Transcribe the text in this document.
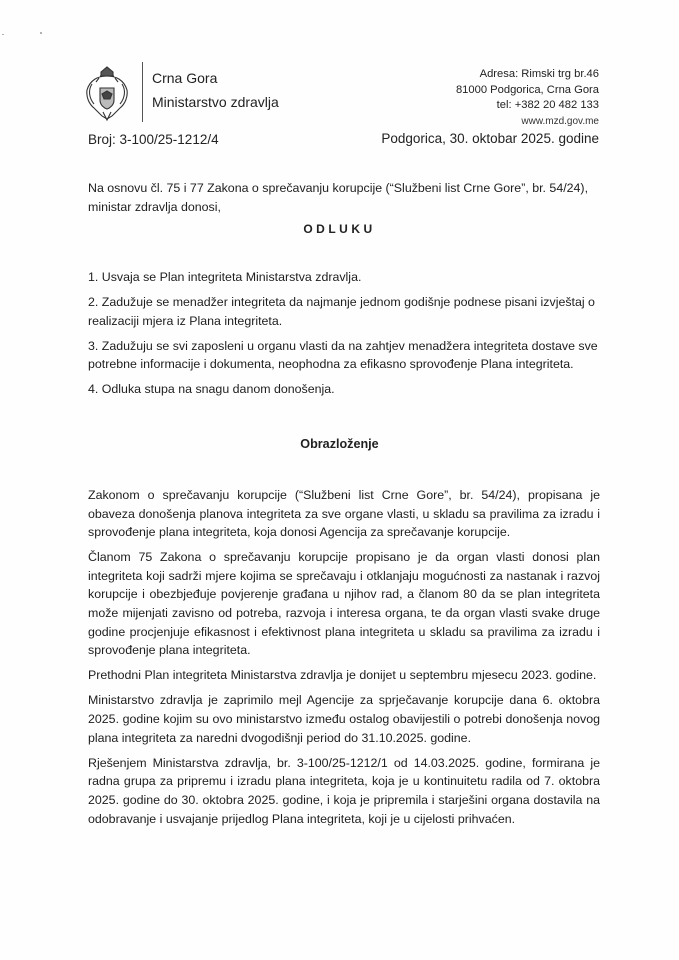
Crna Gora
Ministarstvo zdravlja
Broj: 3-100/25-1212/4
Adresa: Rimski trg br.46
81000 Podgorica, Crna Gora
tel: +382 20 482 133
www.mzd.gov.me
Podgorica, 30. oktobar 2025. godine
Na osnovu čl. 75 i 77 Zakona o sprečavanju korupcije (“Službeni list Crne Gore”, br. 54/24), ministar zdravlja donosi,
ODLUKU

1. Usvaja se Plan integriteta Ministarstva zdravlja.

2. Zadužuje se menadžer integriteta da najmanje jednom godišnje podnese pisani izvještaj o realizaciji mjera iz Plana integriteta.

3. Zadužuju se svi zaposleni u organu vlasti da na zahtjev menadžera integriteta dostave sve potrebne informacije i dokumenta, neophodna za efikasno sprovođenje Plana integriteta.

4. Odluka stupa na snagu danom donošenja.

Obrazloženje

Zakonom o sprečavanju korupcije (“Službeni list Crne Gore”, br. 54/24), propisana je obaveza donošenja planova integriteta za sve organe vlasti, u skladu sa pravilima za izradu i sprovođenje plana integriteta, koja donosi Agencija za sprečavanje korupcije.

Članom 75 Zakona o sprečavanju korupcije propisano je da organ vlasti donosi plan integriteta koji sadrži mjere kojima se sprečavaju i otklanjaju mogućnosti za nastanak i razvoj korupcije i obezbjeđuje povjerenje građana u njihov rad, a članom 80 da se plan integriteta može mijenjati zavisno od potreba, razvoja i interesa organa, te da organ vlasti svake druge godine procjenjuje efikasnost i efektivnost plana integriteta u skladu sa pravilima za izradu i sprovođenje plana integriteta.

Prethodni Plan integriteta Ministarstva zdravlja je donijet u septembru mjesecu 2023. godine.

Ministarstvo zdravlja je zaprimilo mejl Agencije za sprječavanje korupcije dana 6. oktobra 2025. godine kojim su ovo ministarstvo između ostalog obavijestili o potrebi donošenja novog plana integriteta za naredni dvogodišnji period do 31.10.2025. godine.

Rješenjem Ministarstva zdravlja, br. 3-100/25-1212/1 od 14.03.2025. godine, formirana je radna grupa za pripremu i izradu plana integriteta, koja je u kontinuitetu radila od 7. oktobra 2025. godine do 30. oktobra 2025. godine, i koja je pripremila i starješini organa dostavila na odobravanje i usvajanje prijedlog Plana integriteta, koji je u cijelosti prihvaćen.
